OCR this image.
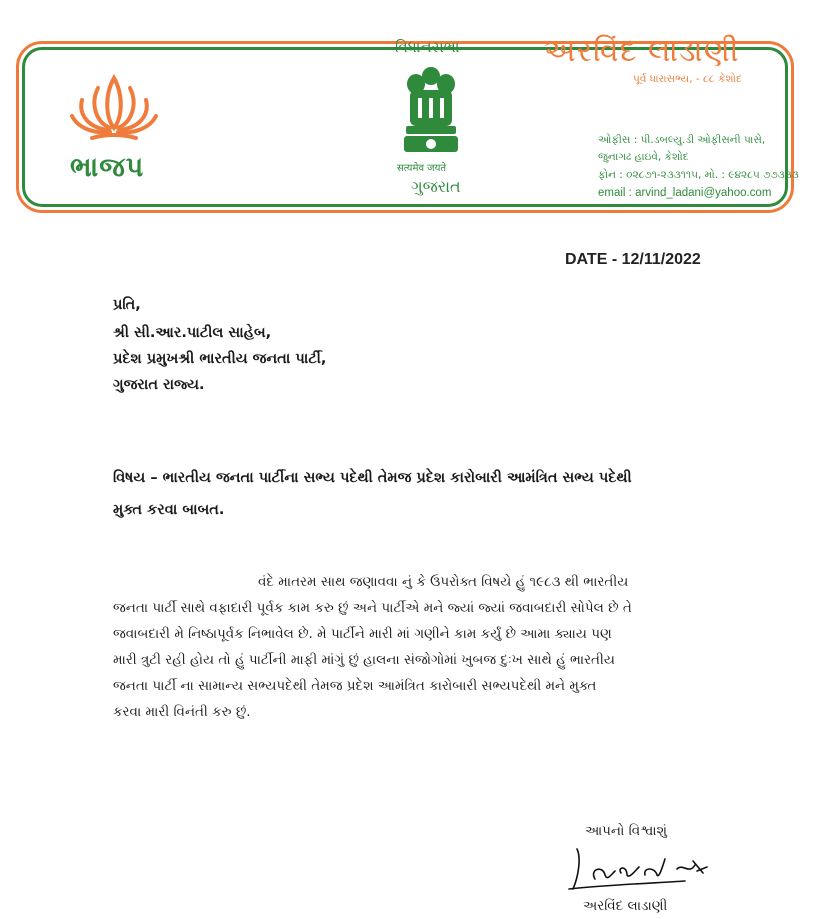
ભાજપ
વિધાનસભા
सत्यमेव जयते
ગુજરાત
અરવિંદ લાડાણી
પૂર્વ ધારાસભ્ય, - ૮૮ કેશોદ
ઓફીસ : પી.ડબલ્યુ.ડી ઓફીસની પાસે,
જુનાગઢ હાઇવે, કેશોદ
ફોન : ૦૨૮૭૧-૨૩૩૧૧૫, મો. : ૯૪૨૮૫ ૭૭૩૩૩
email : arvind_ladani@yahoo.com
DATE - 12/11/2022
પ્રતિ,
શ્રી સી.આર.પાટીલ સાહેબ,
પ્રદેશ પ્રમુખશ્રી ભારતીય જનતા પાર્ટી,
ગુજરાત રાજ્ય.
વિષય – ભારતીય જનતા પાર્ટીના સભ્ય પદેથી તેમજ પ્રદેશ કારોબારી આમંત્રિત સભ્ય પદેથી
મુક્ત કરવા બાબત.
વંદે માતરમ સાથ જણાવવા નું કે ઉપરોક્ત વિષયે હું ૧૯૮૩ થી ભારતીય
જનતા પાર્ટી સાથે વફાદારી પૂર્વક કામ કરુ છું અને પાર્ટીએ મને જ્યાં જ્યાં જવાબદારી સોપેલ છે તે
જવાબદારી મે નિષ્ઠાપૂર્વક નિભાવેલ છે. મે પાર્ટીને મારી માં ગણીને કામ કર્યું છે આમા ક્યાય પણ
મારી ત્રુટી રહી હોય તો હું પાર્ટીની માફી માંગું છું હાલના સંજોગોમાં ખુબજ દુઃખ સાથે હું ભારતીય
જનતા પાર્ટી ના સામાન્ય સભ્યપદેથી તેમજ પ્રદેશ આમંત્રિત કારોબારી સભ્યપદેથી મને મુક્ત
કરવા મારી વિનંતી કરુ છું.
આપનો વિશ્વાશું
અરવિંદ લાડાણી
